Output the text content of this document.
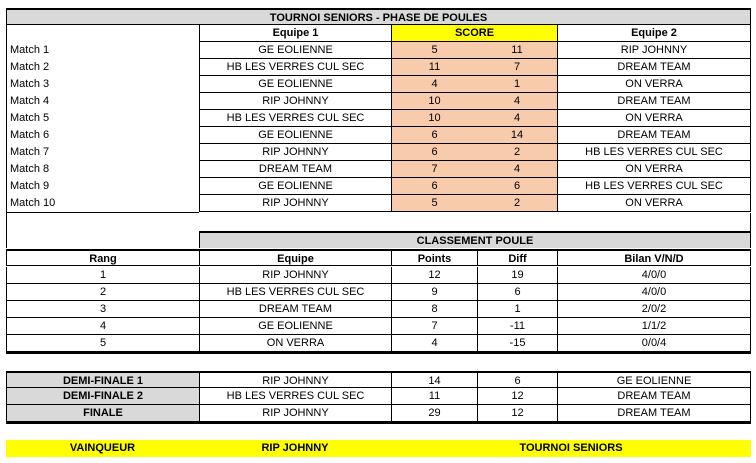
TOURNOI SENIORS - PHASE DE POULES
Equipe 1	SCORE	Equipe 2
Match 1	GE EOLIENNE	5	11	RIP JOHNNY
Match 2	HB LES VERRES CUL SEC	11	7	DREAM TEAM
Match 3	GE EOLIENNE	4	1	ON VERRA
Match 4	RIP JOHNNY	10	4	DREAM TEAM
Match 5	HB LES VERRES CUL SEC	10	4	ON VERRA
Match 6	GE EOLIENNE	6	14	DREAM TEAM
Match 7	RIP JOHNNY	6	2	HB LES VERRES CUL SEC
Match 8	DREAM TEAM	7	4	ON VERRA
Match 9	GE EOLIENNE	6	6	HB LES VERRES CUL SEC
Match 10	RIP JOHNNY	5	2	ON VERRA
CLASSEMENT POULE
Rang	Equipe	Points	Diff	Bilan V/N/D
1	RIP JOHNNY	12	19	4/0/0
2	HB LES VERRES CUL SEC	9	6	4/0/0
3	DREAM TEAM	8	1	2/0/2
4	GE EOLIENNE	7	-11	1/1/2
5	ON VERRA	4	-15	0/0/4
DEMI-FINALE 1	RIP JOHNNY	14	6	GE EOLIENNE
DEMI-FINALE 2	HB LES VERRES CUL SEC	11	12	DREAM TEAM
FINALE	RIP JOHNNY	29	12	DREAM TEAM
VAINQUEUR	RIP JOHNNY	TOURNOI SENIORS
